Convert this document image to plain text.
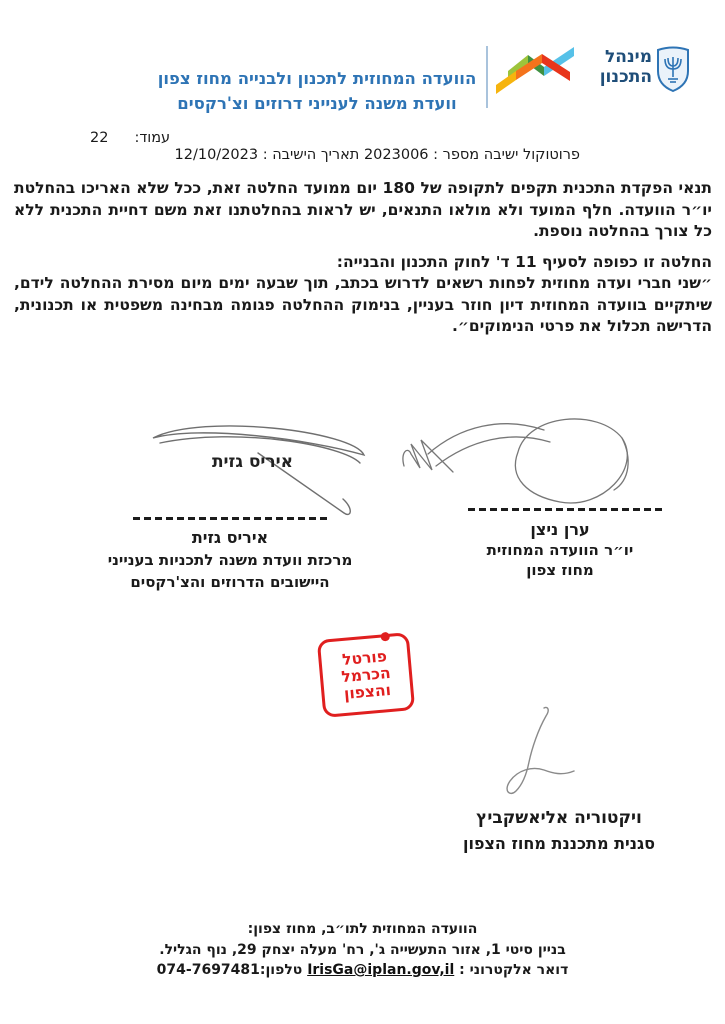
מינהל
התכנון
הוועדה המחוזית לתכנון ולבנייה מחוז צפון
וועדת משנה לענייני דרוזים וצ'רקסים
עמוד:
22
פרוטוקול ישיבה מספר : 2023006 תאריך הישיבה : 12/10/2023

תנאי הפקדת התכנית תקפים לתקופה של 180 יום ממועד החלטה זאת, ככל שלא האריכו בהחלטת יו״ר הוועדה. חלף המועד ולא מולאו התנאים, יש לראות בהחלטתנו זאת משם דחיית התכנית ללא כל צורך בהחלטה נוספת.

החלטה זו כפופה לסעיף 11 ד' לחוק התכנון והבנייה:

״שני חברי ועדה מחוזית לפחות רשאים לדרוש בכתב, תוך שבעה ימים מיום מסירת ההחלטה לידם, שיתקיים בוועדה המחוזית דיון חוזר בעניין, בנימוק ההחלטה פגומה מבחינה משפטית או תכנונית, הדרישה תכלול את פרטי הנימוקים״.

איריס גזית
איריס גזית
מרכזת וועדת משנה לתכניות בענייני
היישובים הדרוזים והצ'רקסים
ערן ניצן
יו״ר הוועדה המחוזית
מחוז צפון
פורטל
הכרמל
והצפון
ויקטוריה אליאשקביץ
סגנית מתכננת מחוז הצפון
הוועדה המחוזית לתו״ב, מחוז צפון:
בניין סיטי 1, אזור התעשייה ג', רח' מעלה יצחק 29, נוף הגליל.
דואר אלקטרוני : IrisGa@iplan.gov,il טלפון:074-7697481
